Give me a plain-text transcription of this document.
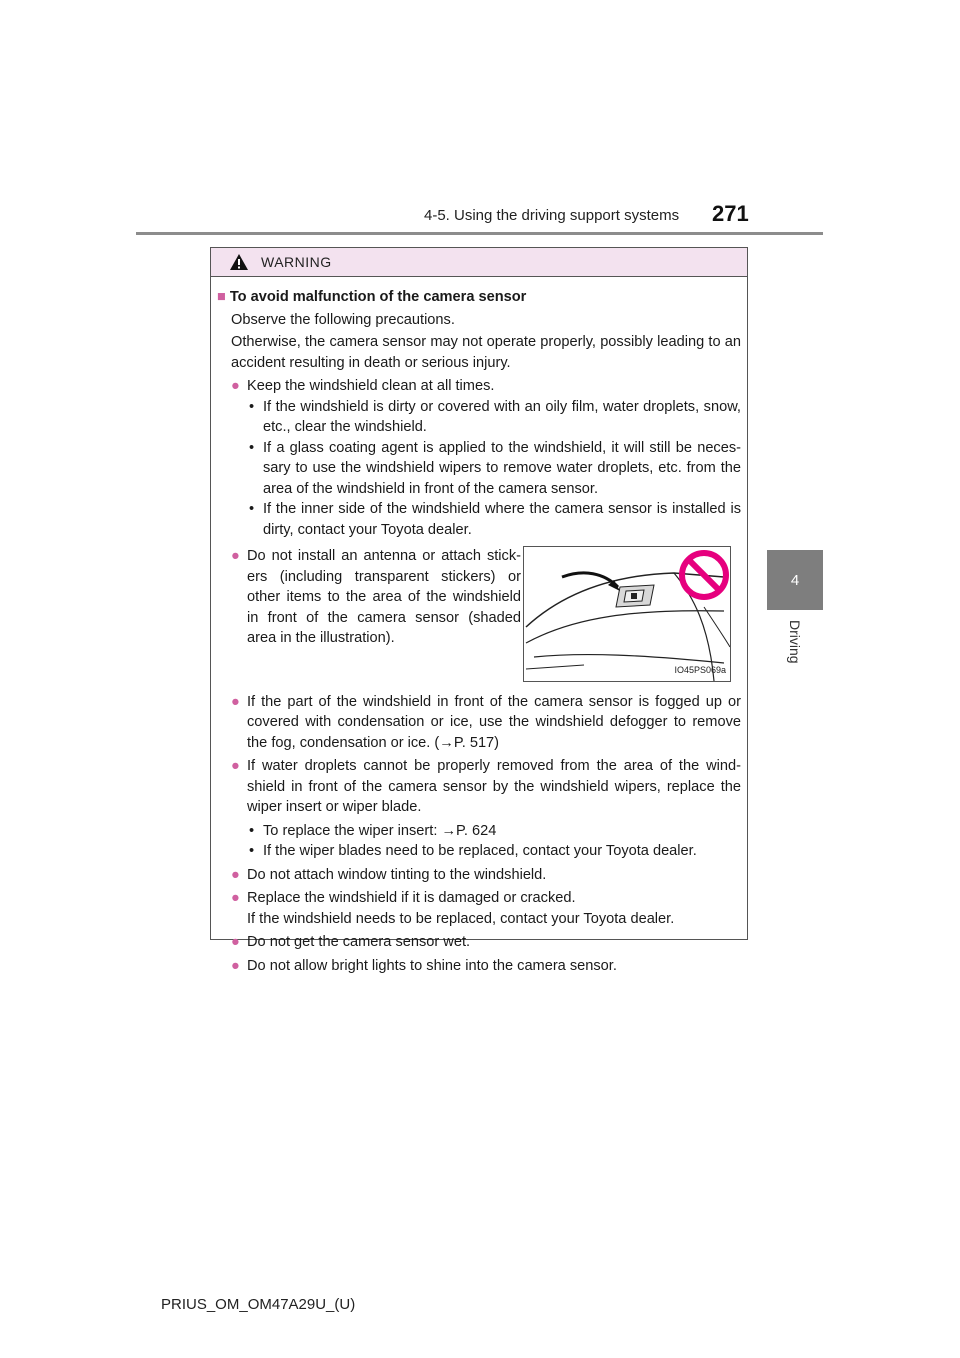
4-5. Using the driving support systems 271
4
Driving
WARNING

■ To avoid malfunction of the camera sensor

Observe the following precautions.
Otherwise, the camera sensor may not operate properly, possibly leading to an accident resulting in death or serious injury.
● Keep the windshield clean at all times.
• If the windshield is dirty or covered with an oily film, water droplets, snow, etc., clear the windshield.
• If a glass coating agent is applied to the windshield, it will still be neces-sary to use the windshield wipers to remove water droplets, etc. from the area of the windshield in front of the camera sensor.
• If the inner side of the windshield where the camera sensor is installed is dirty, contact your Toyota dealer.
● Do not install an antenna or attach stick-ers (including transparent stickers) or other items to the area of the windshield in front of the camera sensor (shaded area in the illustration).
IO45PS069a
● If the part of the windshield in front of the camera sensor is fogged up or covered with condensation or ice, use the windshield defogger to remove the fog, condensation or ice. (→P. 517)
● If water droplets cannot be properly removed from the area of the wind-shield in front of the camera sensor by the windshield wipers, replace the wiper insert or wiper blade.
• To replace the wiper insert: →P. 624
• If the wiper blades need to be replaced, contact your Toyota dealer.
● Do not attach window tinting to the windshield.
● Replace the windshield if it is damaged or cracked.
If the windshield needs to be replaced, contact your Toyota dealer.
● Do not get the camera sensor wet.
● Do not allow bright lights to shine into the camera sensor.
PRIUS_OM_OM47A29U_(U)
